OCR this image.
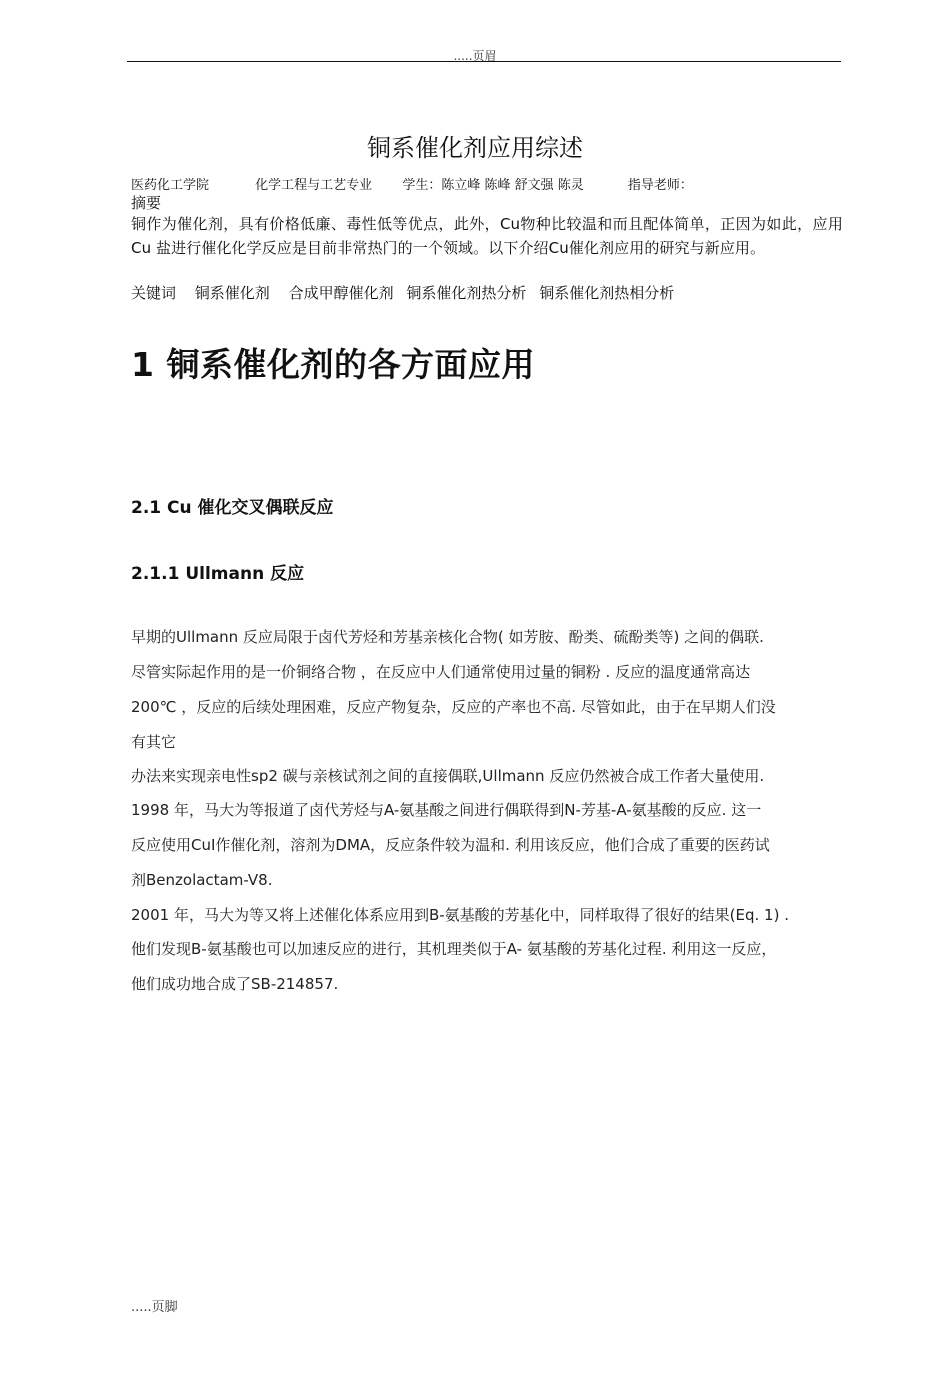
.....页眉
铜系催化剂应用综述
医药化工学院	化学工程与工艺专业 学生：陈立峰 陈峰 舒文强 陈灵	指导老师：
摘要
铜作为催化剂，具有价格低廉、毒性低等优点，此外，Cu物种比较温和而且配体简单，正因为如此，应用Cu 盐进行催化化学反应是目前非常热门的一个领域。以下介绍Cu催化剂应用的研究与新应用。
关键词 铜系催化剂 合成甲醇催化剂 铜系催化剂热分析 铜系催化剂热相分析
1 铜系催化剂的各方面应用
2.1 Cu 催化交叉偶联反应
2.1.1 Ullmann 反应
早期的Ullmann 反应局限于卤代芳烃和芳基亲核化合物( 如芳胺、酚类、硫酚类等) 之间的偶联.
尽管实际起作用的是一价铜络合物 ，在反应中人们通常使用过量的铜粉 . 反应的温度通常高达
200℃ ，反应的后续处理困难，反应产物复杂，反应的产率也不高. 尽管如此，由于在早期人们没
有其它
办法来实现亲电性sp2 碳与亲核试剂之间的直接偶联,Ullmann 反应仍然被合成工作者大量使用.
1998 年，马大为等报道了卤代芳烃与A-氨基酸之间进行偶联得到N-芳基-A-氨基酸的反应. 这一
反应使用CuI作催化剂，溶剂为DMA，反应条件较为温和. 利用该反应，他们合成了重要的医药试
剂Benzolactam-V8.
2001 年，马大为等又将上述催化体系应用到B-氨基酸的芳基化中，同样取得了很好的结果(Eq. 1) .
他们发现B-氨基酸也可以加速反应的进行，其机理类似于A- 氨基酸的芳基化过程. 利用这一反应，
他们成功地合成了SB-214857.
.....页脚
